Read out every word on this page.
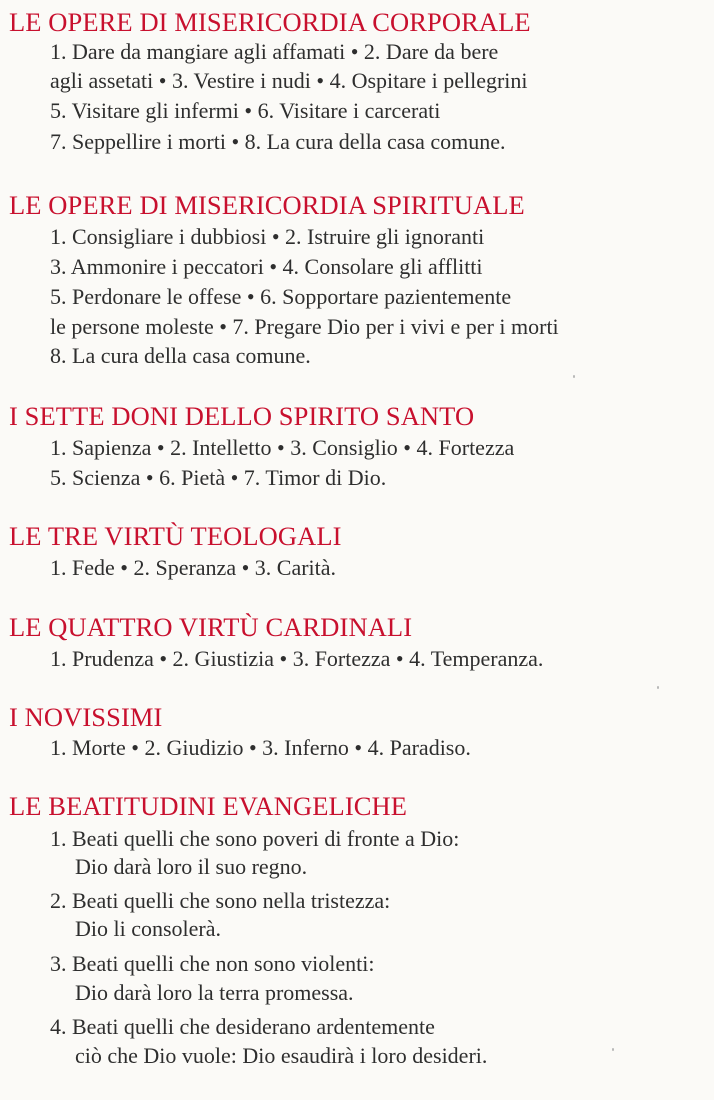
LE OPERE DI MISERICORDIA CORPORALE
1. Dare da mangiare agli affamati • 2. Dare da bere
agli assetati • 3. Vestire i nudi • 4. Ospitare i pellegrini
5. Visitare gli infermi • 6. Visitare i carcerati
7. Seppellire i morti • 8. La cura della casa comune.
LE OPERE DI MISERICORDIA SPIRITUALE
1. Consigliare i dubbiosi • 2. Istruire gli ignoranti
3. Ammonire i peccatori • 4. Consolare gli afflitti
5. Perdonare le offese • 6. Sopportare pazientemente
le persone moleste • 7. Pregare Dio per i vivi e per i morti
8. La cura della casa comune.
I SETTE DONI DELLO SPIRITO SANTO
1. Sapienza • 2. Intelletto • 3. Consiglio • 4. Fortezza
5. Scienza • 6. Pietà • 7. Timor di Dio.
LE TRE VIRTÙ TEOLOGALI
1. Fede • 2. Speranza • 3. Carità.
LE QUATTRO VIRTÙ CARDINALI
1. Prudenza • 2. Giustizia • 3. Fortezza • 4. Temperanza.
I NOVISSIMI
1. Morte • 2. Giudizio • 3. Inferno • 4. Paradiso.
LE BEATITUDINI EVANGELICHE
1. Beati quelli che sono poveri di fronte a Dio:
Dio darà loro il suo regno.
2. Beati quelli che sono nella tristezza:
Dio li consolerà.
3. Beati quelli che non sono violenti:
Dio darà loro la terra promessa.
4. Beati quelli che desiderano ardentemente
ciò che Dio vuole: Dio esaudirà i loro desideri.
